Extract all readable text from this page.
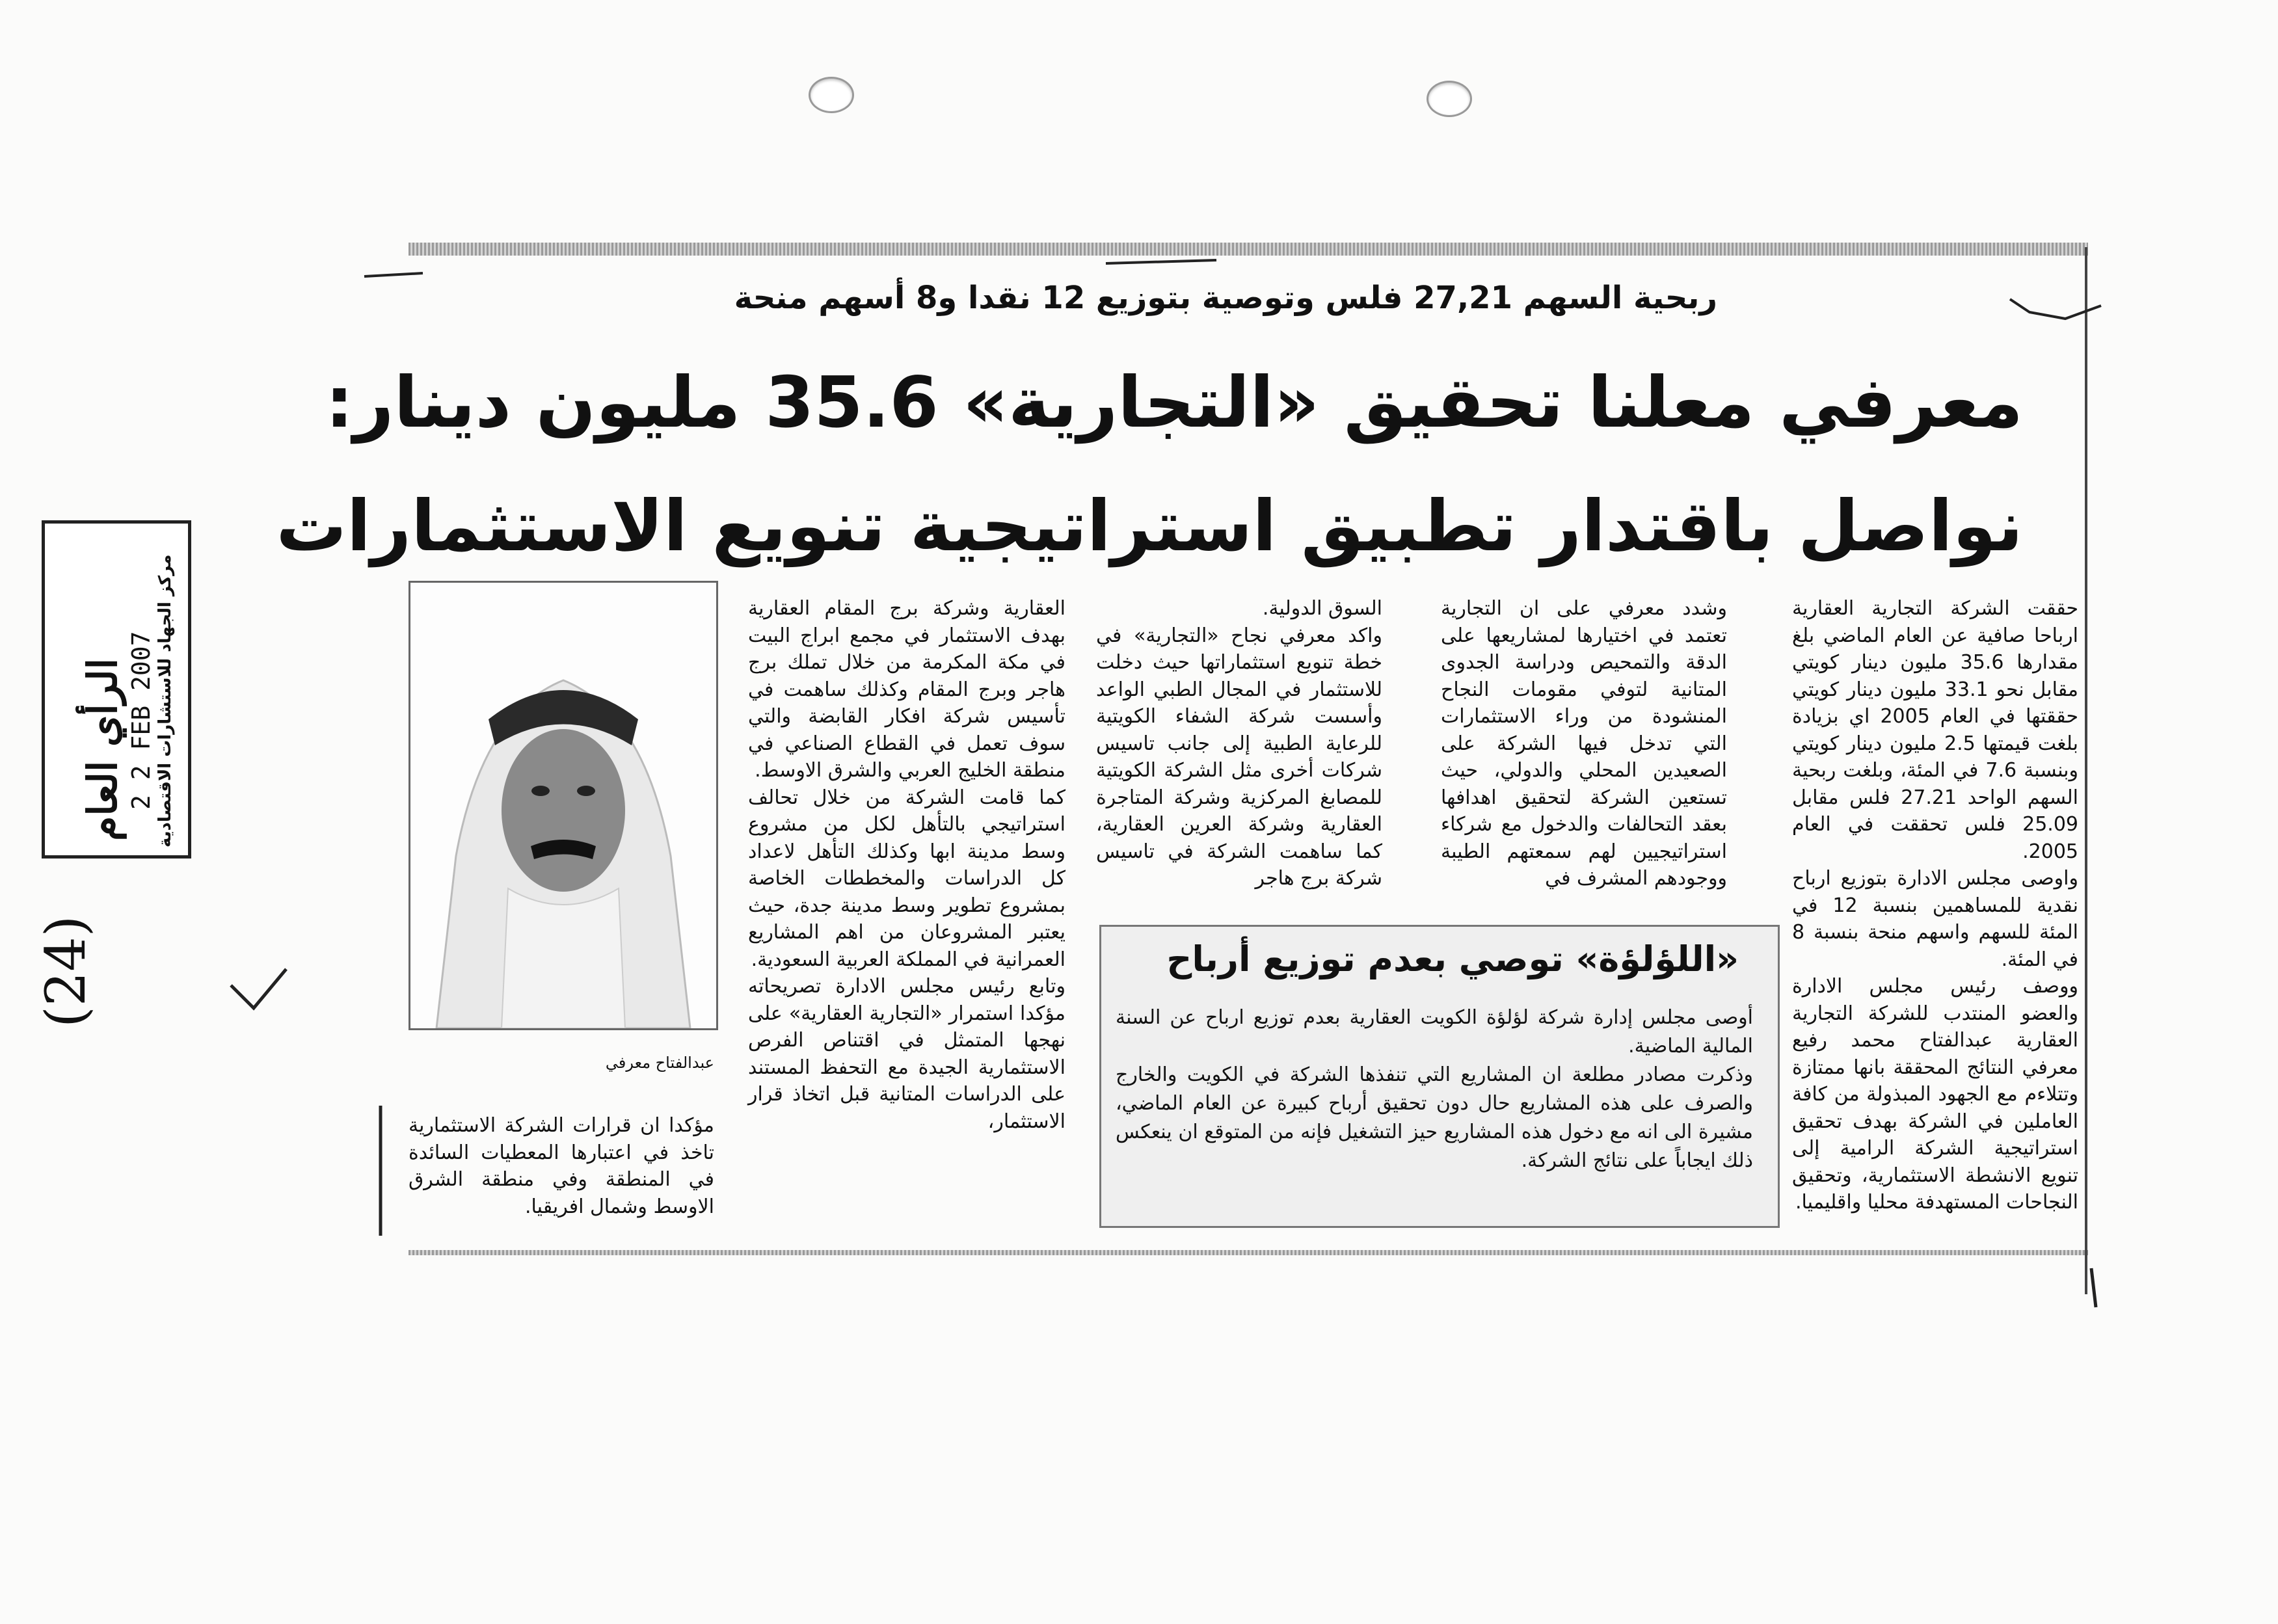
الرأي العام 2 2 FEB 2007 مركز الجهاد للاستشارات الاقتصادية
(24)
ربحية السهم 27,21 فلس وتوصية بتوزيع 12 نقدا و8 أسهم منحة
معرفي معلنا تحقيق «التجارية» 35.6 مليون دينار:
نواصل باقتدار تطبيق استراتيجية تنويع الاستثمارات

حققت الشركة التجارية العقارية ارباحا صافية عن العام الماضي بلغ مقدارها 35.6 مليون دينار كويتي مقابل نحو 33.1 مليون دينار كويتي حققتها في العام 2005 اي بزيادة بلغت قيمتها 2.5 مليون دينار كويتي وبنسبة 7.6 في المئة، وبلغت ربحية السهم الواحد 27.21 فلس مقابل 25.09 فلس تحققت في العام 2005.

واوصى مجلس الادارة بتوزيع ارباح نقدية للمساهمين بنسبة 12 في المئة للسهم واسهم منحة بنسبة 8 في المئة.

ووصف رئيس مجلس الادارة والعضو المنتدب للشركة التجارية العقارية عبدالفتاح محمد رفيع معرفي النتائج المحققة بانها ممتازة وتتلاءم مع الجهود المبذولة من كافة العاملين في الشركة بهدف تحقيق استراتيجية الشركة الرامية إلى تنويع الانشطة الاستثمارية، وتحقيق النجاحات المستهدفة محليا واقليميا.

وشدد معرفي على ان التجارية تعتمد في اختيارها لمشاريعها على الدقة والتمحيص ودراسة الجدوى المتانية لتوفي مقومات النجاح المنشودة من وراء الاستثمارات التي تدخل فيها الشركة على الصعيدين المحلي والدولي، حيث تستعين الشركة لتحقيق اهدافها بعقد التحالفات والدخول مع شركاء استراتيجيين لهم سمعتهم الطيبة ووجودهم المشرف في

السوق الدولية.

واكد معرفي نجاح «التجارية» في خطة تنويع استثماراتها حيث دخلت للاستثمار في المجال الطبي الواعد وأسست شركة الشفاء الكويتية للرعاية الطبية إلى جانب تاسيس شركات أخرى مثل الشركة الكويتية للمصابغ المركزية وشركة المتاجرة العقارية وشركة العرين العقارية، كما ساهمت الشركة في تاسيس شركة برج هاجر

العقارية وشركة برج المقام العقارية بهدف الاستثمار في مجمع ابراج البيت في مكة المكرمة من خلال تملك برج هاجر وبرج المقام وكذلك ساهمت في تأسيس شركة افكار القابضة والتي سوف تعمل في القطاع الصناعي في منطقة الخليج العربي والشرق الاوسط.

كما قامت الشركة من خلال تحالف استراتيجي بالتأهل لكل من مشروع وسط مدينة ابها وكذلك التأهل لاعداد كل الدراسات والمخططات الخاصة بمشروع تطوير وسط مدينة جدة، حيث يعتبر المشروعان من اهم المشاريع العمرانية في المملكة العربية السعودية.

وتابع رئيس مجلس الادارة تصريحاته مؤكدا استمرار «التجارية العقارية» على نهجها المتمثل في اقتناص الفرص الاستثمارية الجيدة مع التحفظ المستند على الدراسات المتانية قبل اتخاذ قرار الاستثمار،

عبدالفتاح معرفي

مؤكدا ان قرارات الشركة الاستثمارية تاخذ في اعتبارها المعطيات السائدة في المنطقة وفي منطقة الشرق الاوسط وشمال افريقيا.

«اللؤلؤة» توصي بعدم توزيع أرباح

أوصى مجلس إدارة شركة لؤلؤة الكويت العقارية بعدم توزيع ارباح عن السنة المالية الماضية.

وذكرت مصادر مطلعة ان المشاريع التي تنفذها الشركة في الكويت والخارج والصرف على هذه المشاريع حال دون تحقيق أرباح كبيرة عن العام الماضي، مشيرة الى انه مع دخول هذه المشاريع حيز التشغيل فإنه من المتوقع ان ينعكس ذلك ايجاباً على نتائج الشركة.
